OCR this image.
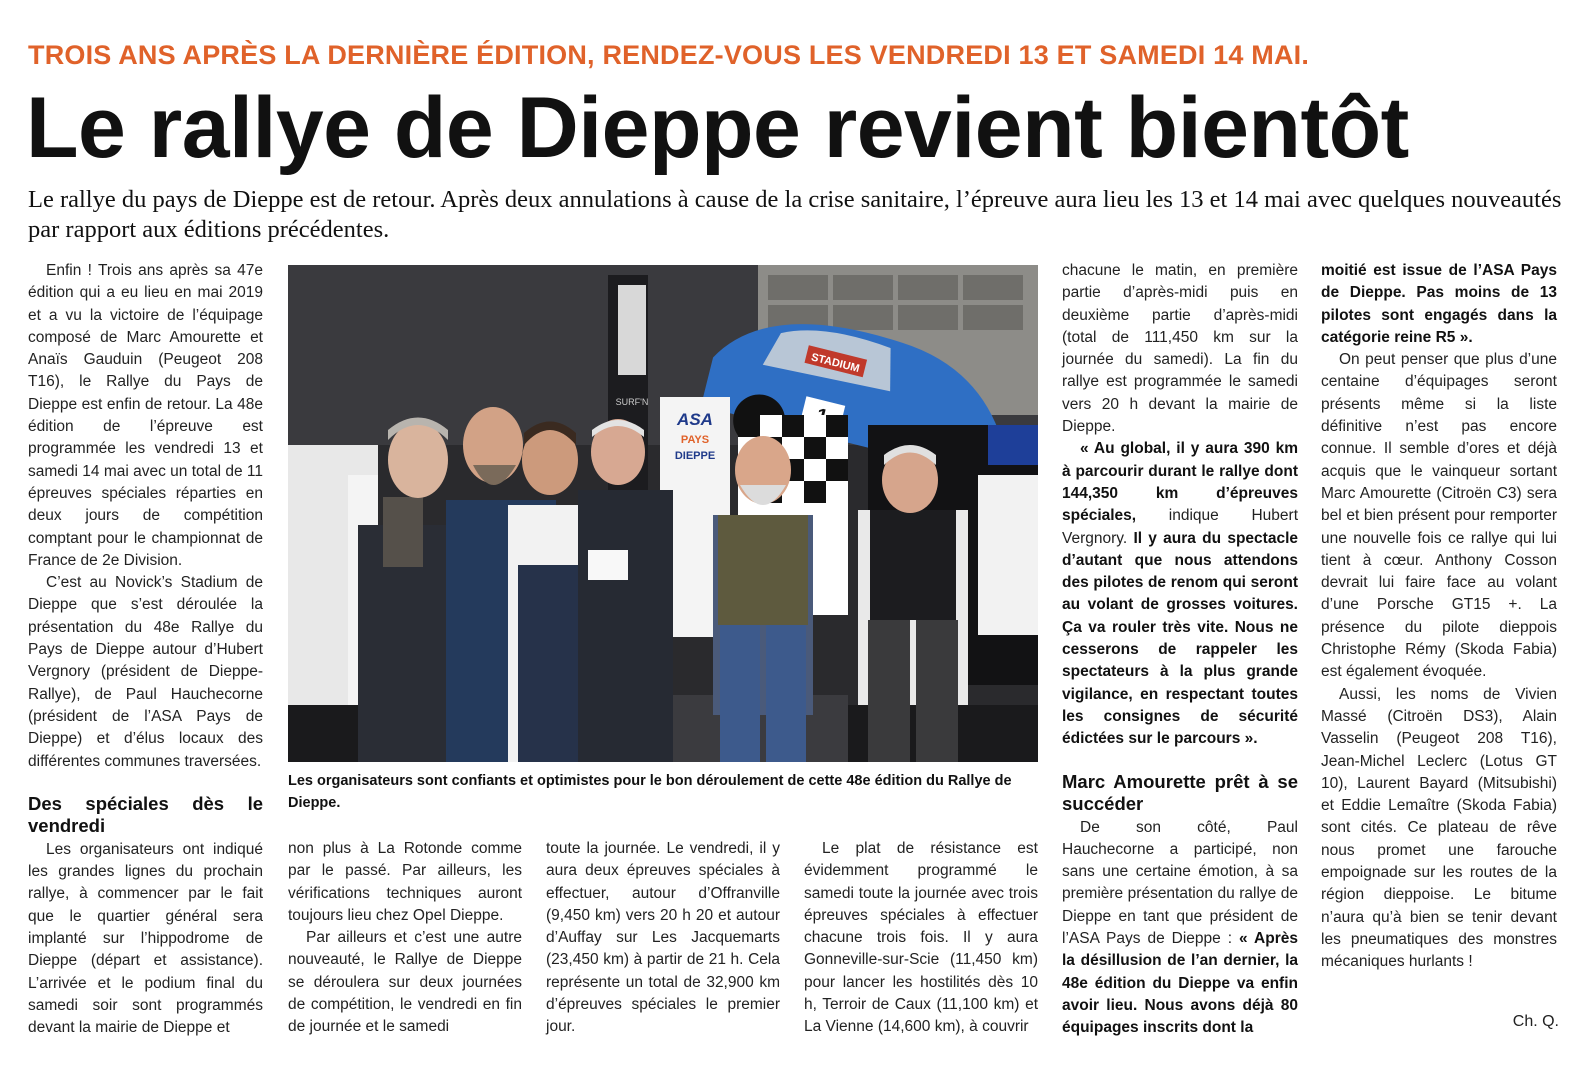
TROIS ANS APRÈS LA DERNIÈRE ÉDITION, RENDEZ-VOUS LES VENDREDI 13 ET SAMEDI 14 MAI.
Le rallye de Dieppe revient bientôt
Le rallye du pays de Dieppe est de retour. Après deux annulations à cause de la crise sanitaire, l’épreuve aura lieu les 13 et 14 mai avec quelques nouveautés par rapport aux éditions précédentes.

Enfin ! Trois ans après sa 47e édition qui a eu lieu en mai 2019 et a vu la victoire de l’équipage composé de Marc Amourette et Anaïs Gauduin (Peugeot 208 T16), le Rallye du Pays de Dieppe est enfin de retour. La 48e édition de l’épreuve est programmée les vendredi 13 et samedi 14 mai avec un total de 11 épreuves spéciales réparties en deux jours de compétition comptant pour le championnat de France de 2e Division.

C’est au Novick’s Stadium de Dieppe que s’est déroulée la présentation du 48e Rallye du Pays de Dieppe autour d’Hubert Vergnory (président de Dieppe-Rallye), de Paul Hauchecorne (président de l’ASA Pays de Dieppe) et d’élus locaux des différentes communes traversées.

Des spéciales dès le vendredi

Les organisateurs ont indiqué les grandes lignes du prochain rallye, à commencer par le fait que le quartier général sera implanté sur l’hippodrome de Dieppe (départ et assistance). L’arrivée et le podium final du samedi soir sont programmés devant la mairie de Dieppe et

SURF'N
STADIUM
ASA
PAYS
DIEPPE
Les organisateurs sont confiants et optimistes pour le bon déroulement de cette 48e édition du Rallye de Dieppe.

non plus à La Rotonde comme par le passé. Par ailleurs, les vérifications techniques auront toujours lieu chez Opel Dieppe.

Par ailleurs et c’est une autre nouveauté, le Rallye de Dieppe se déroulera sur deux journées de compétition, le vendredi en fin de journée et le samedi

toute la journée. Le vendredi, il y aura deux épreuves spéciales à effectuer, autour d’Offranville (9,450 km) vers 20 h 20 et autour d’Auffay sur Les Jacquemarts (23,450 km) à partir de 21 h. Cela représente un total de 32,900 km d’épreuves spéciales le premier jour.

Le plat de résistance est évidemment programmé le samedi toute la journée avec trois épreuves spéciales à effectuer chacune trois fois. Il y aura Gonneville-sur-Scie (11,450 km) pour lancer les hostilités dès 10 h, Terroir de Caux (11,100 km) et La Vienne (14,600 km), à couvrir

chacune le matin, en première partie d’après-midi puis en deuxième partie d’après-midi (total de 111,450 km sur la journée du samedi). La fin du rallye est programmée le samedi vers 20 h devant la mairie de Dieppe.

« Au global, il y aura 390 km à parcourir durant le rallye dont 144,350 km d’épreuves spéciales, indique Hubert Vergnory. Il y aura du spectacle d’autant que nous attendons des pilotes de renom qui seront au volant de grosses voitures. Ça va rouler très vite. Nous ne cesserons de rappeler les spectateurs à la plus grande vigilance, en respectant toutes les consignes de sécurité édictées sur le parcours ».

Marc Amourette prêt à se succéder

De son côté, Paul Hauchecorne a participé, non sans une certaine émotion, à sa première présentation du rallye de Dieppe en tant que président de l’ASA Pays de Dieppe : « Après la désillusion de l’an dernier, la 48e édition du Dieppe va enfin avoir lieu. Nous avons déjà 80 équipages inscrits dont la

moitié est issue de l’ASA Pays de Dieppe. Pas moins de 13 pilotes sont engagés dans la catégorie reine R5 ».

On peut penser que plus d’une centaine d’équipages seront présents même si la liste définitive n’est pas encore connue. Il semble d’ores et déjà acquis que le vainqueur sortant Marc Amourette (Citroën C3) sera bel et bien présent pour remporter une nouvelle fois ce rallye qui lui tient à cœur. Anthony Cosson devrait lui faire face au volant d’une Porsche GT15 +. La présence du pilote dieppois Christophe Rémy (Skoda Fabia) est également évoquée.

Aussi, les noms de Vivien Massé (Citroën DS3), Alain Vasselin (Peugeot 208 T16), Jean-Michel Leclerc (Lotus GT 10), Laurent Bayard (Mitsubishi) et Eddie Lemaître (Skoda Fabia) sont cités. Ce plateau de rêve nous promet une farouche empoignade sur les routes de la région dieppoise. Le bitume n’aura qu’à bien se tenir devant les pneumatiques des monstres mécaniques hurlants !

Ch. Q.
